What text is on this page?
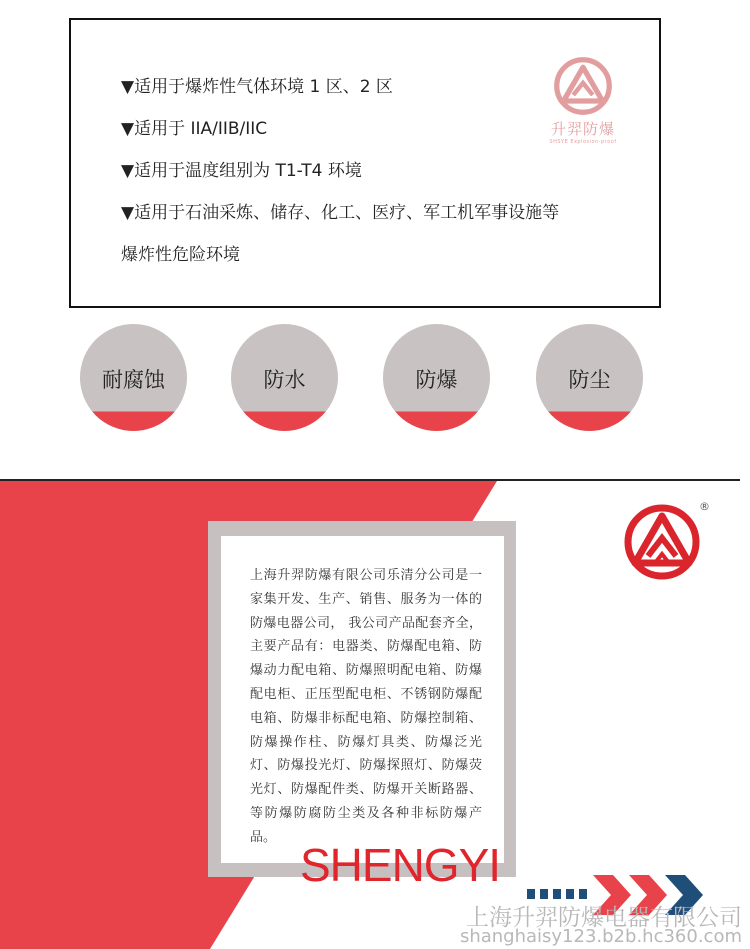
▼适用于爆炸性气体环境 1 区、2 区
▼适用于 IIA/IIB/IIC
▼适用于温度组别为 T1-T4 环境
▼适用于石油采炼、储存、化工、医疗、军工机军事设施等
爆炸性危险环境
升羿防爆
SHSYE Explosion-proof
耐腐蚀	防水	防爆	防尘
®
上海升羿防爆有限公司乐清分公司是一家集开发、生产、销售、服务为一体的防爆电器公司， 我公司产品配套齐全，主要产品有：电器类、防爆配电箱、防爆动力配电箱、防爆照明配电箱、防爆配电柜、正压型配电柜、不锈钢防爆配电箱、防爆非标配电箱、防爆控制箱、防爆操作柱、防爆灯具类、防爆泛光灯、防爆投光灯、防爆探照灯、防爆荧光灯、防爆配件类、防爆开关断路器、等防爆防腐防尘类及各种非标防爆产品。
SHENGYI
上海升羿防爆电器有限公司
shanghaisy123.b2b.hc360.com
